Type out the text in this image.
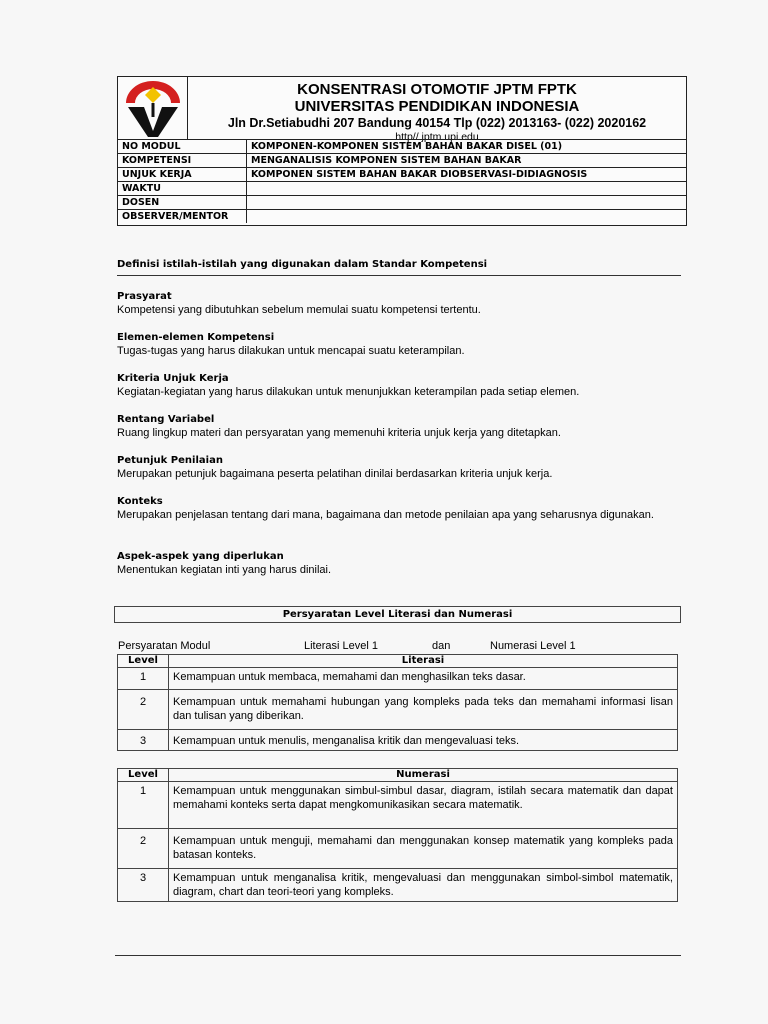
KONSENTRASI OTOMOTIF JPTM FPTK
UNIVERSITAS PENDIDIKAN INDONESIA
Jln Dr.Setiabudhi 207 Bandung 40154 Tlp (022) 2013163- (022) 2020162
http// jptm.upi.edu
NO MODUL	KOMPONEN-KOMPONEN SISTEM BAHAN BAKAR DISEL (01)
KOMPETENSI	MENGANALISIS KOMPONEN SISTEM BAHAN BAKAR
UNJUK KERJA	KOMPONEN SISTEM BAHAN BAKAR DIOBSERVASI-DIDIAGNOSIS
WAKTU	
DOSEN	
OBSERVER/MENTOR	
Definisi istilah-istilah yang digunakan dalam Standar Kompetensi
Prasyarat
Kompetensi yang dibutuhkan sebelum memulai suatu kompetensi tertentu.
Elemen-elemen Kompetensi
Tugas-tugas yang harus dilakukan untuk mencapai suatu keterampilan.
Kriteria Unjuk Kerja
Kegiatan-kegiatan yang harus dilakukan untuk menunjukkan keterampilan pada setiap elemen.
Rentang Variabel
Ruang lingkup materi dan persyaratan yang memenuhi kriteria unjuk kerja yang ditetapkan.
Petunjuk Penilaian
Merupakan petunjuk bagaimana peserta pelatihan dinilai berdasarkan kriteria unjuk kerja.
Konteks
Merupakan penjelasan tentang dari mana, bagaimana dan metode penilaian apa yang seharusnya digunakan.
Aspek-aspek yang diperlukan
Menentukan kegiatan inti yang harus dinilai.
Persyaratan Level Literasi dan Numerasi
Persyaratan Modul	Literasi Level 1	dan	Numerasi Level 1
Level	Literasi
1	Kemampuan untuk membaca, memahami dan menghasilkan teks dasar.
2	Kemampuan untuk memahami hubungan yang kompleks pada teks dan memahami informasi lisan dan tulisan yang diberikan.
3	Kemampuan untuk menulis, menganalisa kritik dan mengevaluasi teks.
Level	Numerasi
1	Kemampuan untuk menggunakan simbul-simbul dasar, diagram, istilah secara matematik dan dapat memahami konteks serta dapat mengkomunikasikan secara matematik.
2	Kemampuan untuk menguji, memahami dan menggunakan konsep matematik yang kompleks pada batasan konteks.
3	Kemampuan untuk menganalisa kritik, mengevaluasi dan menggunakan simbol-simbol matematik, diagram, chart dan teori-teori yang kompleks.
